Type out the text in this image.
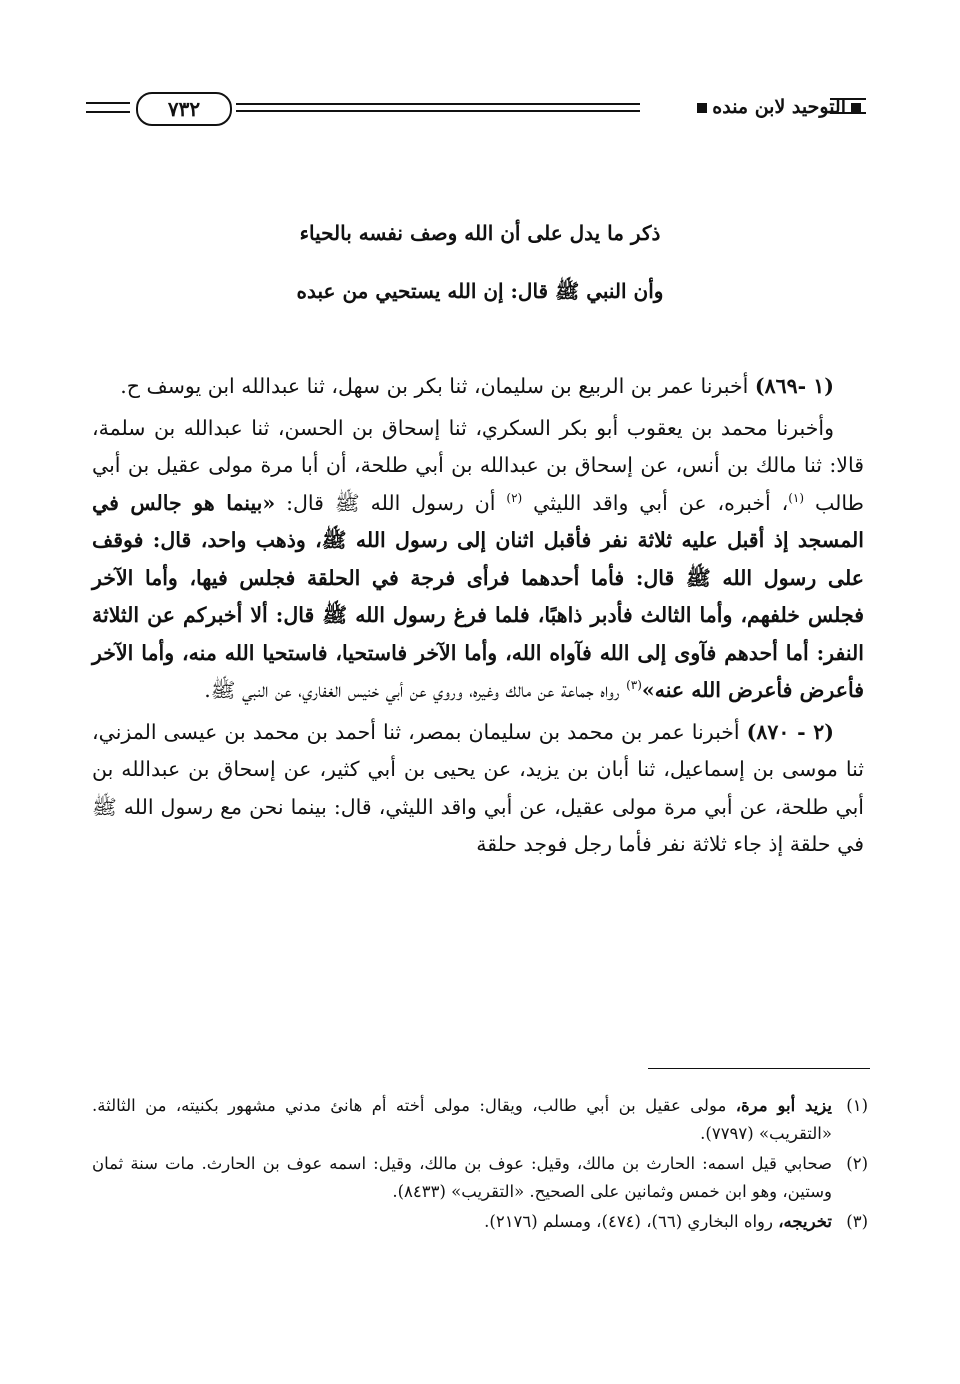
التوحيد لابن منده
٧٣٢
ذكر ما يدل على أن الله وصف نفسه بالحياء
وأن النبي ﷺ قال: إن الله يستحيي من عبده

(١ -٨٦٩) أخبرنا عمر بن الربيع بن سليمان، ثنا بكر بن سهل، ثنا عبدالله ابن يوسف ح.

وأخبرنا محمد بن يعقوب أبو بكر السكري، ثنا إسحاق بن الحسن، ثنا عبدالله بن سلمة، قالا: ثنا مالك بن أنس، عن إسحاق بن عبدالله بن أبي طلحة، أن أبا مرة مولى عقيل بن أبي طالب $^{(١)}$، أخبره، عن أبي واقد الليثي $^{(٢)}$ أن رسول الله ﷺ قال: «بينما هو جالس في المسجد إذ أقبل عليه ثلاثة نفر فأقبل اثنان إلى رسول الله ﷺ، وذهب واحد، قال: فوقف على رسول الله ﷺ قال: فأما أحدهما فرأى فرجة في الحلقة فجلس فيها، وأما الآخر فجلس خلفهم، وأما الثالث فأدبر ذاهبًا، فلما فرغ رسول الله ﷺ قال: ألا أخبركم عن الثلاثة النفر: أما أحدهم فآوى إلى الله فآواه الله، وأما الآخر فاستحيا، فاستحيا الله منه، وأما الآخر فأعرض فأعرض الله عنه»$^{(٣)}$ رواه جماعة عن مالك وغيره، وروي عن أبي خنيس الغفاري، عن النبي ﷺ.

(٢ - ٨٧٠) أخبرنا عمر بن محمد بن سليمان بمصر، ثنا أحمد بن محمد بن عيسى المزني، ثنا موسى بن إسماعيل، ثنا أبان بن يزيد، عن يحيى بن أبي كثير، عن إسحاق بن عبدالله بن أبي طلحة، عن أبي مرة مولى عقيل، عن أبي واقد الليثي، قال: بينما نحن مع رسول الله ﷺ في حلقة إذ جاء ثلاثة نفر فأما رجل فوجد حلقة

(١)
يزيد أبو مرة، مولى عقيل بن أبي طالب، ويقال: مولى أخته أم هانئ مدني مشهور بكنيته، من الثالثة. «التقريب» (٧٧٩٧).
(٢)
صحابي قيل اسمه: الحارث بن مالك، وقيل: عوف بن مالك، وقيل: اسمه عوف بن الحارث. مات سنة ثمان وستين، وهو ابن خمس وثمانين على الصحيح. «التقريب» (٨٤٣٣).
(٣)
تخريجه، رواه البخاري (٦٦)، (٤٧٤)، ومسلم (٢١٧٦).
